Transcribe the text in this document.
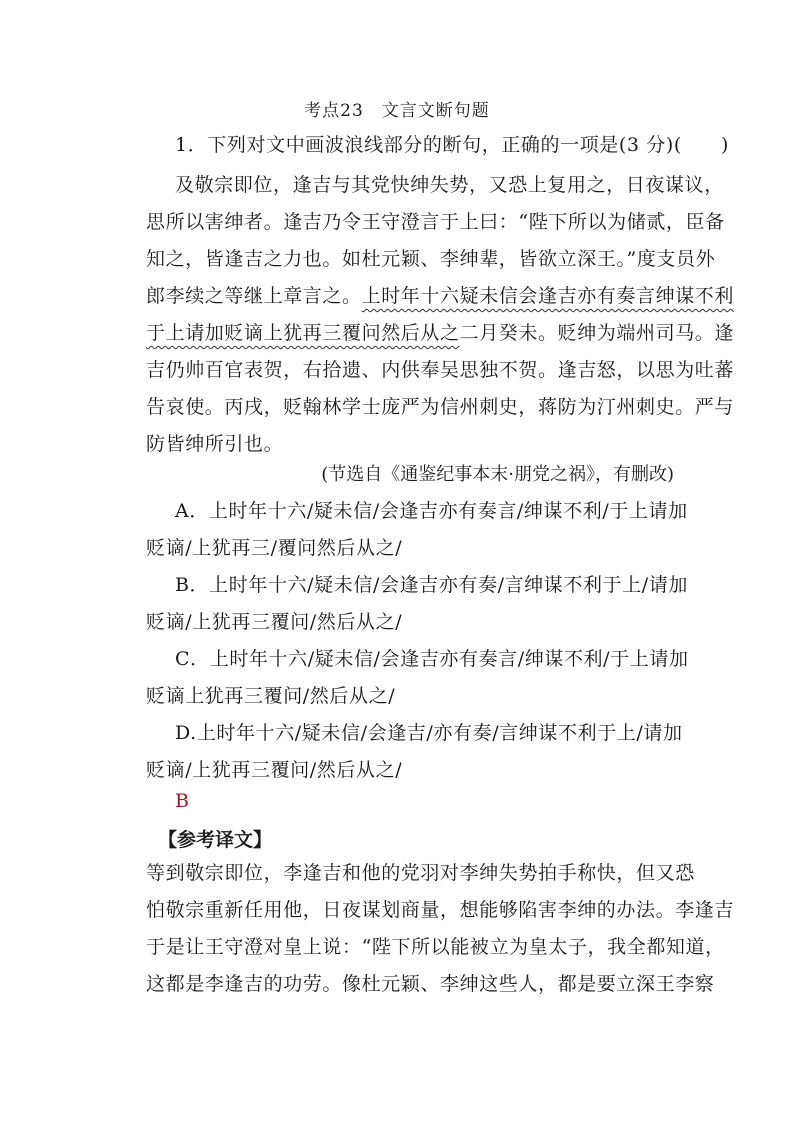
考点23　文言文断句题
1．下列对文中画波浪线部分的断句，正确的一项是(3 分)(　　)
及敬宗即位，逢吉与其党快绅失势，又恐上复用之，日夜谋议，
思所以害绅者。逢吉乃令王守澄言于上曰：“陛下所以为储贰，臣备
知之，皆逢吉之力也。如杜元颖、李绅辈，皆欲立深王。”度支员外
郎李续之等继上章言之。上时年十六疑未信会逢吉亦有奏言绅谋不利
于上请加贬谪上犹再三覆问然后从之二月癸未。贬绅为端州司马。逢
吉仍帅百官表贺，右拾遗、内供奉吴思独不贺。逢吉怒，以思为吐蕃
告哀使。丙戌，贬翰林学士庞严为信州刺史，蒋防为汀州刺史。严与
防皆绅所引也。
(节选自《通鉴纪事本末·朋党之祸》，有删改)
A．上时年十六/疑未信/会逢吉亦有奏言/绅谋不利/于上请加
贬谪/上犹再三/覆问然后从之/
B．上时年十六/疑未信/会逢吉亦有奏/言绅谋不利于上/请加
贬谪/上犹再三覆问/然后从之/
C．上时年十六/疑未信/会逢吉亦有奏言/绅谋不利/于上请加
贬谪上犹再三覆问/然后从之/
D.上时年十六/疑未信/会逢吉/亦有奏/言绅谋不利于上/请加
贬谪/上犹再三覆问/然后从之/
B
【参考译文】
等到敬宗即位，李逢吉和他的党羽对李绅失势拍手称快，但又恐
怕敬宗重新任用他，日夜谋划商量，想能够陷害李绅的办法。李逢吉
于是让王守澄对皇上说：“陛下所以能被立为皇太子，我全都知道，
这都是李逢吉的功劳。像杜元颖、李绅这些人，都是要立深王李察
